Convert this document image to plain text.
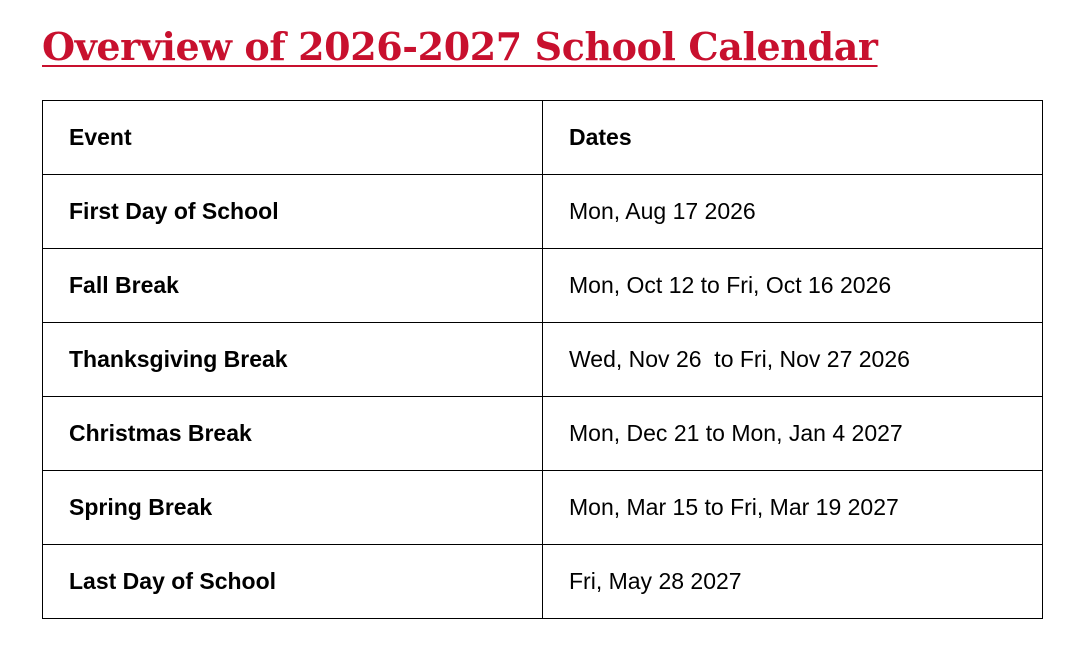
Overview of 2026-2027 School Calendar
Event	Dates
First Day of School	Mon, Aug 17 2026
Fall Break	Mon, Oct 12 to Fri, Oct 16 2026
Thanksgiving Break	Wed, Nov 26  to Fri, Nov 27 2026
Christmas Break	Mon, Dec 21 to Mon, Jan 4 2027
Spring Break	Mon, Mar 15 to Fri, Mar 19 2027
Last Day of School	Fri, May 28 2027
